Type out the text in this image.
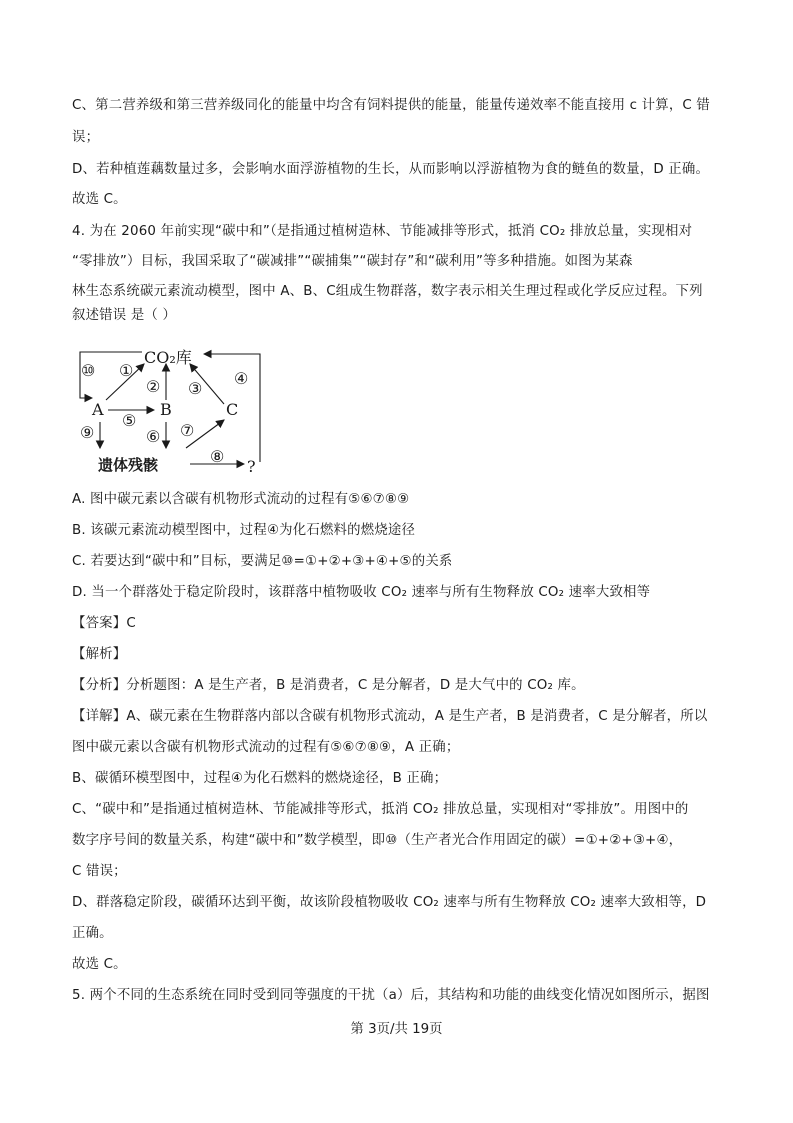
C、第二营养级和第三营养级同化的能量中均含有饲料提供的能量，能量传递效率不能直接用 c 计算，C 错
误；
D、若种植莲藕数量过多，会影响水面浮游植物的生长，从而影响以浮游植物为食的鲢鱼的数量，D 正确。
故选 C。
4. 为在 2060 年前实现“碳中和”（是指通过植树造林、节能减排等形式，抵消 CO₂ 排放总量，实现相对
“零排放”）目标，我国采取了“碳减排”“碳捕集”“碳封存”和“碳利用”等多种措施。如图为某森
林生态系统碳元素流动模型，图中 A、B、C组成生物群落，数字表示相关生理过程或化学反应过程。下列
叙述错误 是（ ）
CO₂库
A	B	C
遗体残骸	?
⑩ ①
② ③
④
⑤
⑨	⑥ ⑦
⑧
A. 图中碳元素以含碳有机物形式流动的过程有⑤⑥⑦⑧⑨
B. 该碳元素流动模型图中，过程④为化石燃料的燃烧途径
C. 若要达到“碳中和”目标，要满足⑩=①+②+③+④+⑤的关系
D. 当一个群落处于稳定阶段时，该群落中植物吸收 CO₂ 速率与所有生物释放 CO₂ 速率大致相等
【答案】C
【解析】
【分析】分析题图：A 是生产者，B 是消费者，C 是分解者，D 是大气中的 CO₂ 库。
【详解】A、碳元素在生物群落内部以含碳有机物形式流动，A 是生产者，B 是消费者，C 是分解者，所以
图中碳元素以含碳有机物形式流动的过程有⑤⑥⑦⑧⑨，A 正确；
B、碳循环模型图中，过程④为化石燃料的燃烧途径，B 正确；
C、“碳中和”是指通过植树造林、节能减排等形式，抵消 CO₂ 排放总量，实现相对“零排放”。用图中的
数字序号间的数量关系，构建“碳中和”数学模型，即⑩（生产者光合作用固定的碳）=①+②+③+④，
C 错误；
D、群落稳定阶段，碳循环达到平衡，故该阶段植物吸收 CO₂ 速率与所有生物释放 CO₂ 速率大致相等，D
正确。
故选 C。
5. 两个不同的生态系统在同时受到同等强度的干扰（a）后，其结构和功能的曲线变化情况如图所示，据图
第 3页/共 19页
